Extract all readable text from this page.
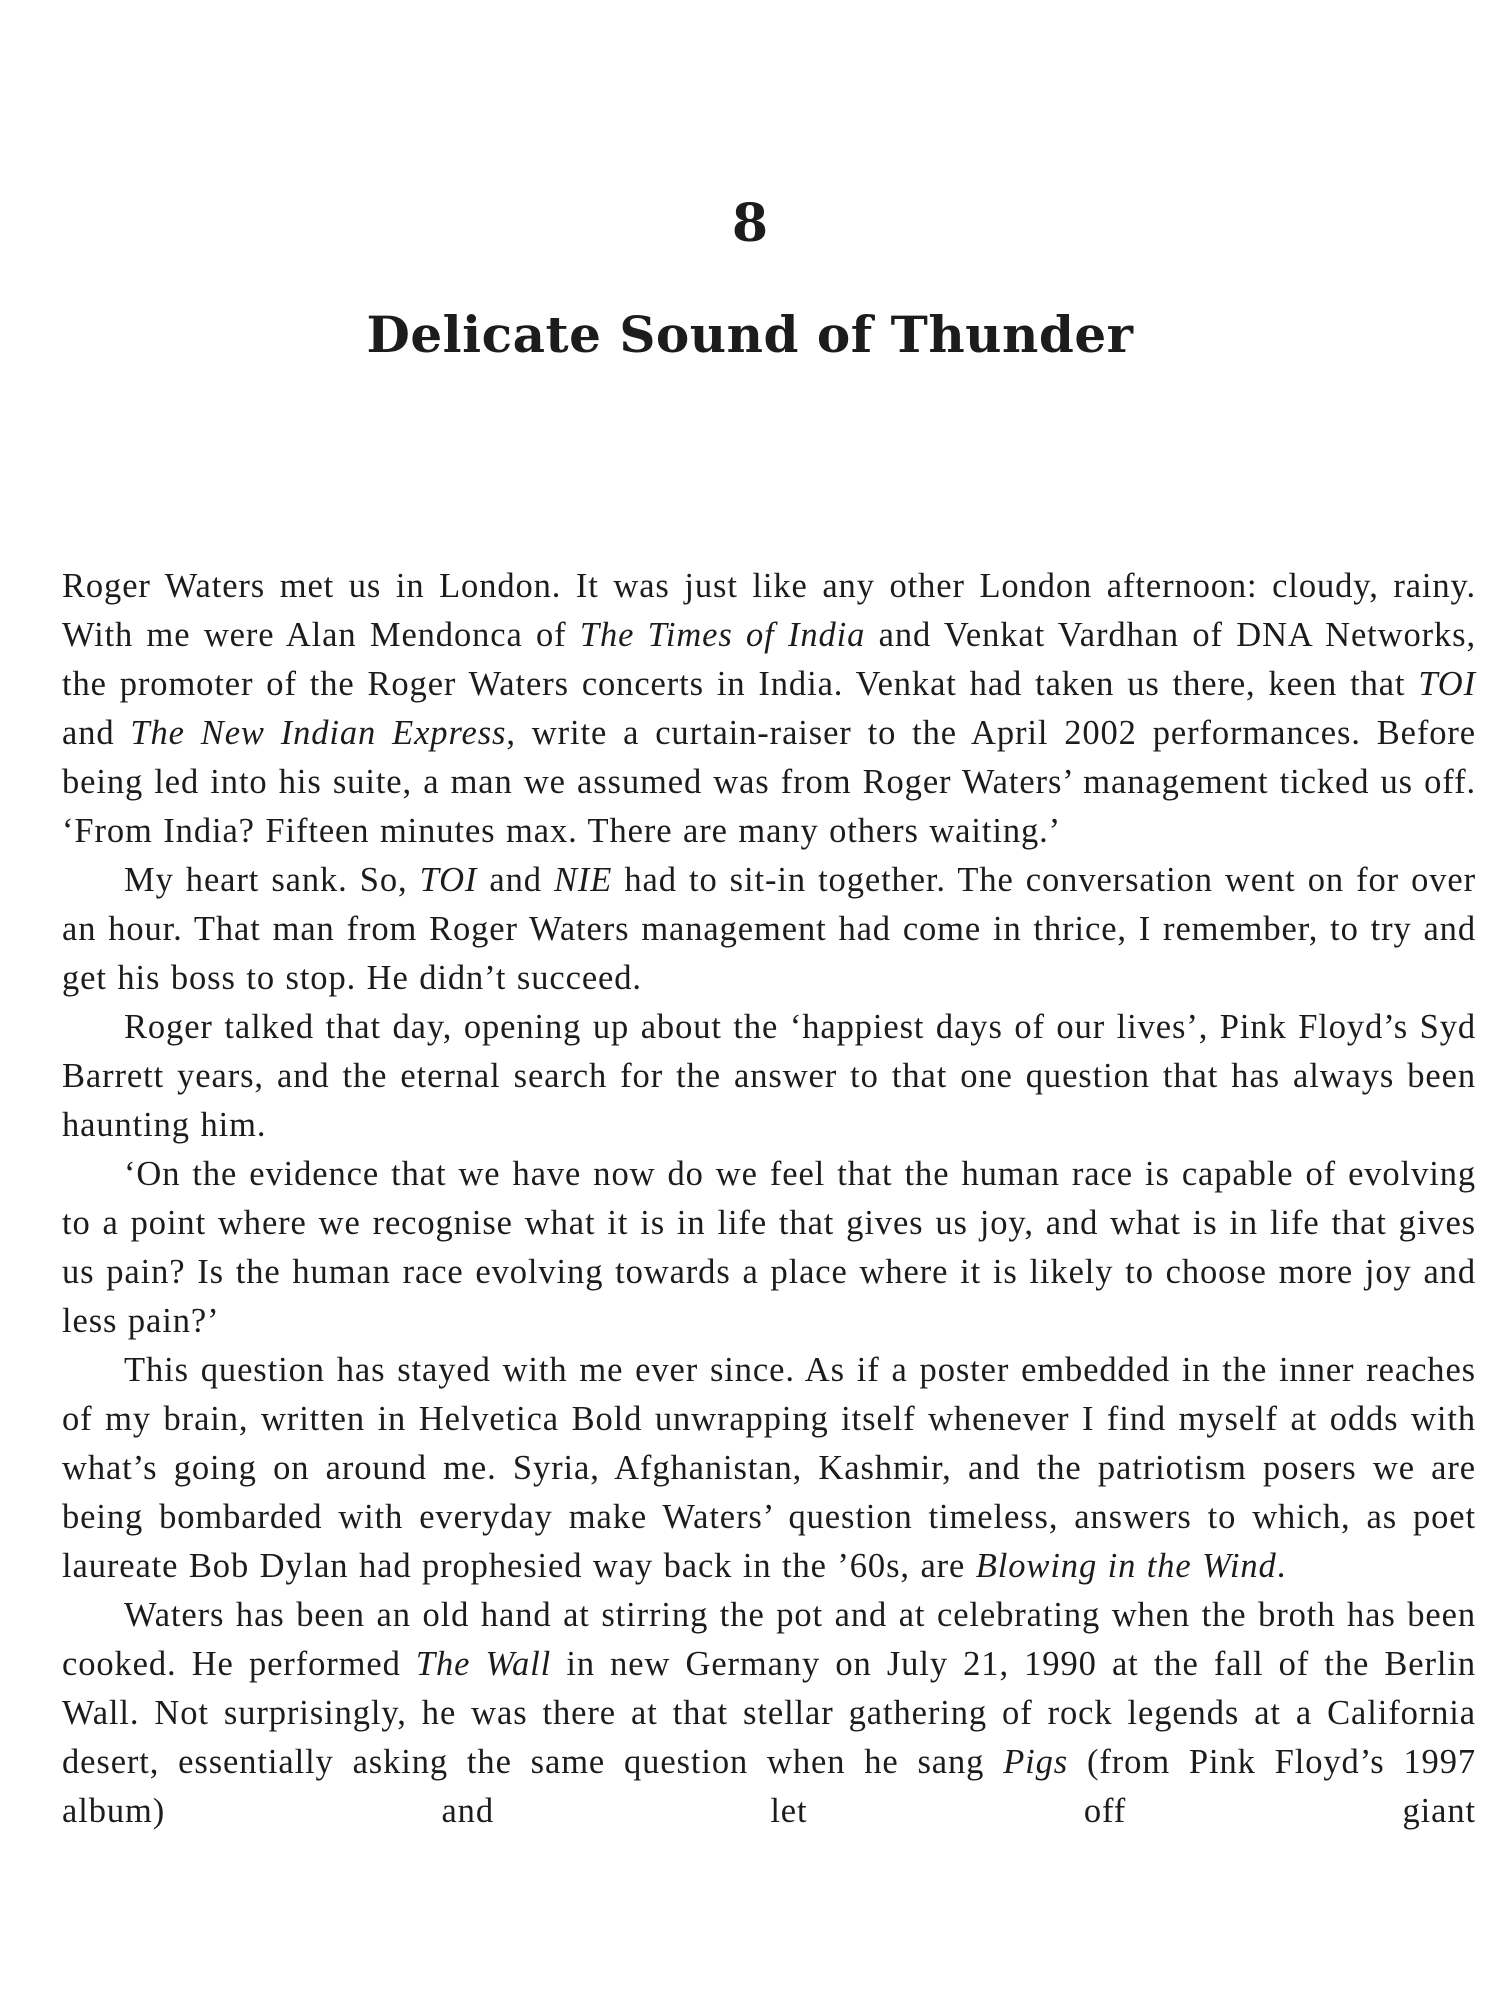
8
Delicate Sound of Thunder

Roger Waters met us in London. It was just like any other London afternoon: cloudy, rainy. With me were Alan Mendonca of The Times of India and Venkat Vardhan of DNA Networks, the promoter of the Roger Waters concerts in India. Venkat had taken us there, keen that TOI and The New Indian Express, write a curtain-raiser to the April 2002 performances. Before being led into his suite, a man we assumed was from Roger Waters’ management ticked us off. ‘From India? Fifteen minutes max. There are many others waiting.’

My heart sank. So, TOI and NIE had to sit-in together. The conversation went on for over an hour. That man from Roger Waters management had come in thrice, I remember, to try and get his boss to stop. He didn’t succeed.

Roger talked that day, opening up about the ‘happiest days of our lives’, Pink Floyd’s Syd Barrett years, and the eternal search for the answer to that one question that has always been haunting him.

‘On the evidence that we have now do we feel that the human race is capable of evolving to a point where we recognise what it is in life that gives us joy, and what is in life that gives us pain? Is the human race evolving towards a place where it is likely to choose more joy and less pain?’

This question has stayed with me ever since. As if a poster embedded in the inner reaches of my brain, written in Helvetica Bold unwrapping itself whenever I find myself at odds with what’s going on around me. Syria, Afghanistan, Kashmir, and the patriotism posers we are being bombarded with everyday make Waters’ question timeless, answers to which, as poet laureate Bob Dylan had prophesied way back in the ’60s, are Blowing in the Wind.

Waters has been an old hand at stirring the pot and at celebrating when the broth has been cooked. He performed The Wall in new Germany on July 21, 1990 at the fall of the Berlin Wall. Not surprisingly, he was there at that stellar gathering of rock legends at a California desert, essentially asking the same question when he sang Pigs (from Pink Floyd’s 1997 album) and let off giant
